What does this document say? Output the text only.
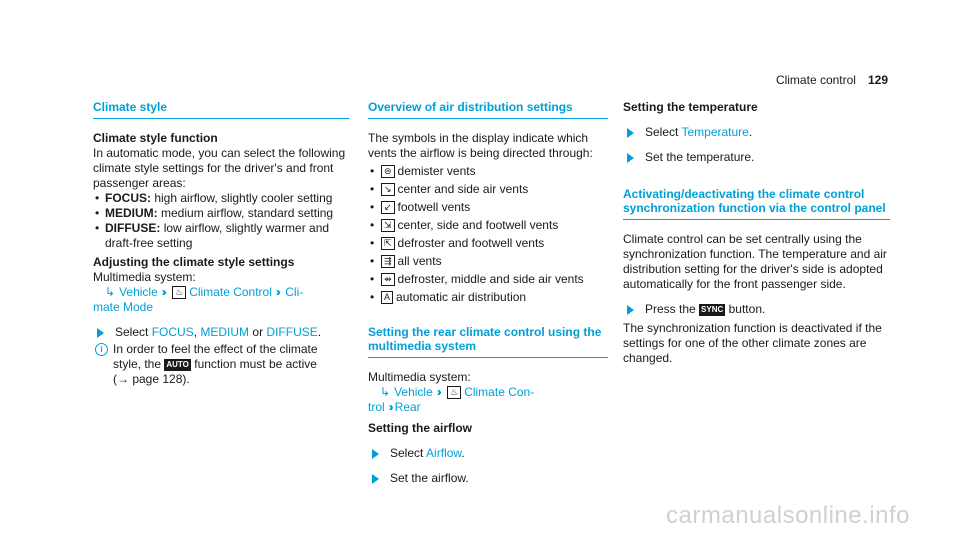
Climate control 129
Climate style
Climate style function
In automatic mode, you can select the following climate style settings for the driver's and front passenger areas:
• FOCUS: high airflow, slightly cooler setting
• MEDIUM: medium airflow, standard setting
• DIFFUSE: low airflow, slightly warmer and draft-free setting
Adjusting the climate style settings
Multimedia system:
↳ Vehicle ›› ♨ Climate Control ›› Cli-
mate Mode
Select FOCUS, MEDIUM or DIFFUSE.
i In order to feel the effect of the climate
style, the AUTO function must be active
(→ page 128).
Overview of air distribution settings
The symbols in the display indicate which vents the airflow is being directed through:
• ⊜ demister vents
• ↘ center and side air vents
• ↙ footwell vents
• ⇲ center, side and footwell vents
• ⇱ defroster and footwell vents
• ⇶ all vents
• ⇴ defroster, middle and side air vents
• A automatic air distribution
Setting the rear climate control using the multimedia system
Multimedia system:
↳ Vehicle ›› ♨ Climate Con-
trol ›› Rear
Setting the airflow
Select Airflow.
Set the airflow.
Setting the temperature
Select Temperature.
Set the temperature.
Activating/deactivating the climate control synchronization function via the control panel
Climate control can be set centrally using the synchronization function. The temperature and air distribution setting for the driver's side is adopted automatically for the front passenger side.
Press the SYNC button.
The synchronization function is deactivated if the settings for one of the other climate zones are changed.
carmanualsonline.info
